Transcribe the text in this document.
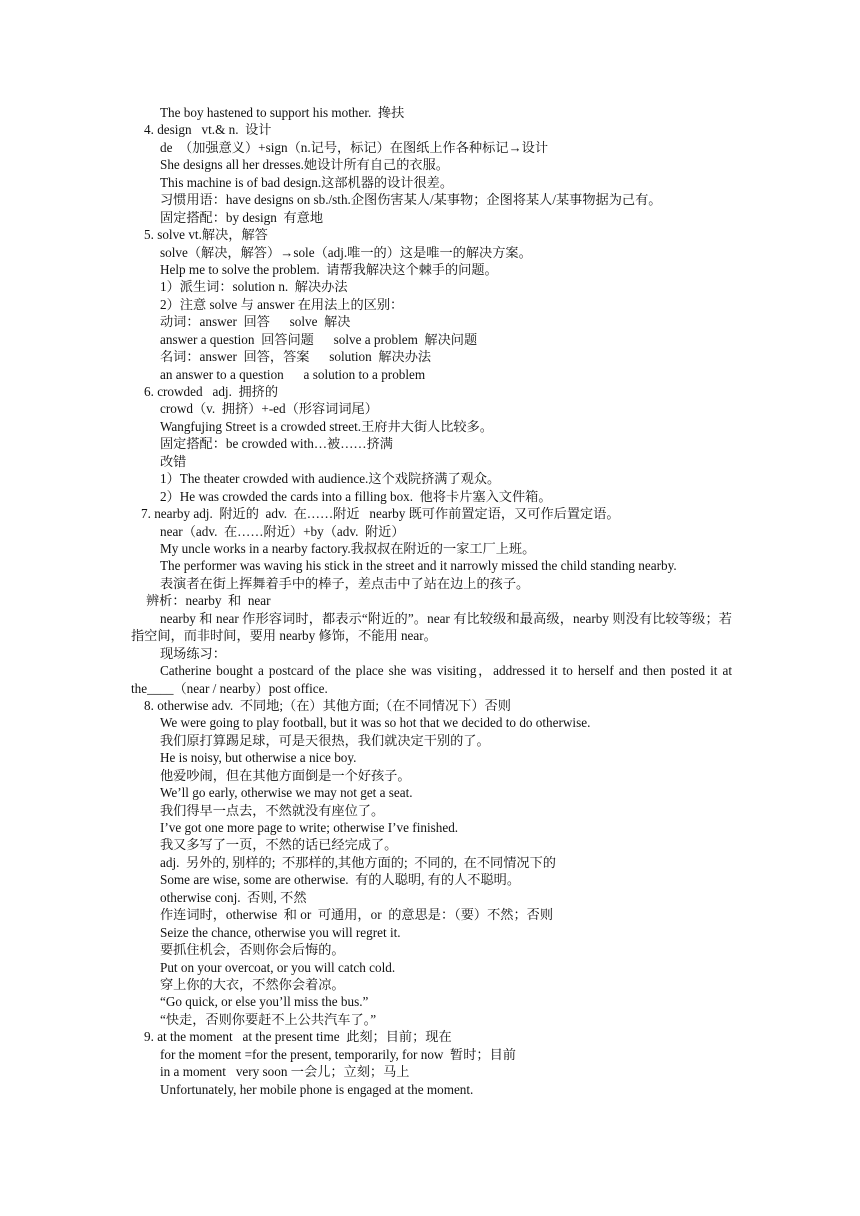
The boy hastened to support his mother.  搀扶
4. design   vt.& n.  设计
de  （加强意义）+sign（n.记号，标记）在图纸上作各种标记→设计
She designs all her dresses.她设计所有自己的衣服。
This machine is of bad design.这部机器的设计很差。
习惯用语：have designs on sb./sth.企图伤害某人/某事物；企图将某人/某事物据为己有。
固定搭配：by design  有意地
5. solve vt.解决，解答
solve（解决，解答）→sole（adj.唯一的）这是唯一的解决方案。
Help me to solve the problem.  请帮我解决这个棘手的问题。
1）派生词：solution n.  解决办法
2）注意 solve 与 answer 在用法上的区别：
动词：answer  回答      solve  解决
answer a question  回答问题      solve a problem  解决问题
名词：answer  回答，答案      solution  解决办法
an answer to a question      a solution to a problem
6. crowded   adj.  拥挤的
crowd（v.  拥挤）+-ed（形容词词尾）
Wangfujing Street is a crowded street.王府井大街人比较多。
固定搭配：be crowded with…被……挤满
改错
1）The theater crowded with audience.这个戏院挤满了观众。
2）He was crowded the cards into a filling box.  他将卡片塞入文件箱。
7. nearby adj.  附近的  adv.  在……附近   nearby 既可作前置定语，又可作后置定语。
near（adv.  在……附近）+by（adv.  附近）
My uncle works in a nearby factory.我叔叔在附近的一家工厂上班。
The performer was waving his stick in the street and it narrowly missed the child standing nearby.
表演者在街上挥舞着手中的棒子，差点击中了站在边上的孩子。
辨析：nearby  和  near
nearby 和 near 作形容词时，都表示“附近的”。near 有比较级和最高级，nearby 则没有比较等级；若指空间，而非时间，要用 nearby 修饰，不能用 near。
现场练习：
Catherine bought a postcard of the place she was visiting，addressed it to herself and then posted it at the____（near / nearby）post office.
8. otherwise adv.  不同地;（在）其他方面;（在不同情况下）否则
We were going to play football, but it was so hot that we decided to do otherwise.
我们原打算踢足球，可是天很热，我们就决定干别的了。
He is noisy, but otherwise a nice boy.
他爱吵闹，但在其他方面倒是一个好孩子。
We’ll go early, otherwise we may not get a seat.
我们得早一点去，不然就没有座位了。
I’ve got one more page to write; otherwise I’ve finished.
我又多写了一页，不然的话已经完成了。
adj.  另外的, 别样的;  不那样的,其他方面的;  不同的,  在不同情况下的
Some are wise, some are otherwise.  有的人聪明, 有的人不聪明。
otherwise conj.  否则, 不然
作连词时，otherwise  和 or  可通用，or  的意思是：（要）不然；否则
Seize the chance, otherwise you will regret it.
要抓住机会，否则你会后悔的。
Put on your overcoat, or you will catch cold.
穿上你的大衣，不然你会着凉。
“Go quick, or else you’ll miss the bus.”
“快走，否则你要赶不上公共汽车了。”
9. at the moment   at the present time  此刻；目前；现在
for the moment =for the present, temporarily, for now  暂时；目前
in a moment   very soon 一会儿；立刻；马上
Unfortunately, her mobile phone is engaged at the moment.
